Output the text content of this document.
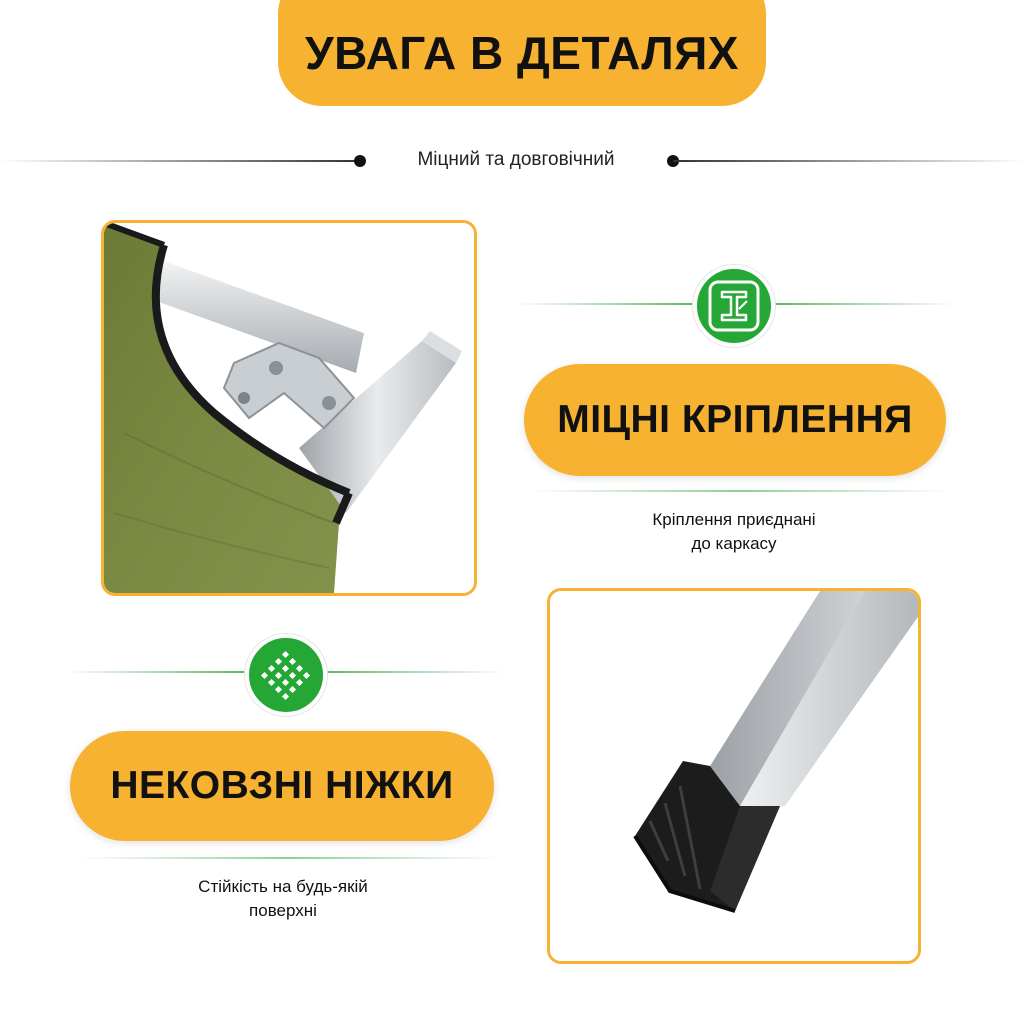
УВАГА В ДЕТАЛЯХ
Міцний та довговічний
МІЦНІ КРІПЛЕННЯ
Кріплення приєднані
до каркасу
НЕКОВЗНІ НІЖКИ
Стійкість на будь-якій
поверхні
